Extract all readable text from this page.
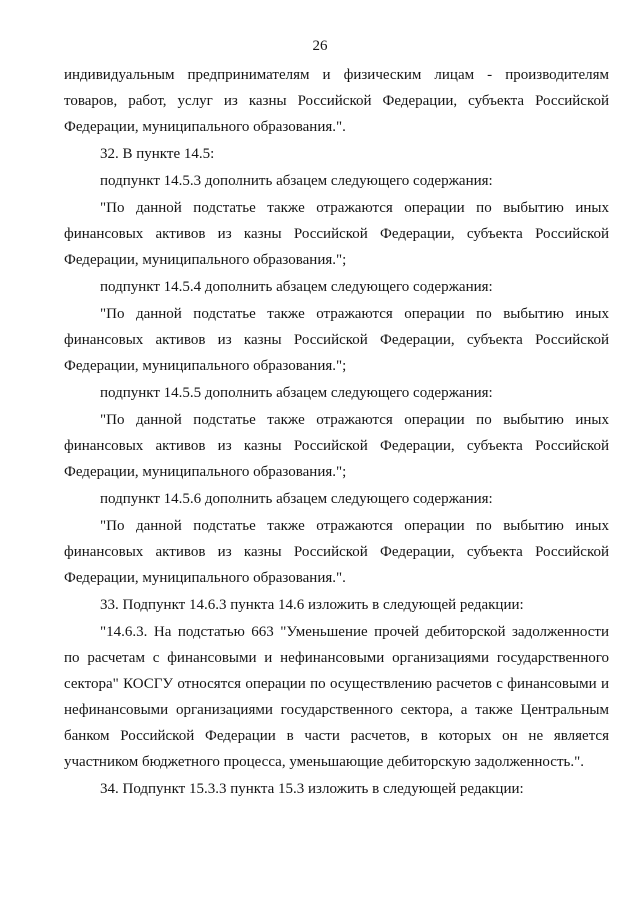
26

индивидуальным предпринимателям и физическим лицам - производителям товаров, работ, услуг из казны Российской Федерации, субъекта Российской Федерации, муниципального образования.".

32. В пункте 14.5:

подпункт 14.5.3 дополнить абзацем следующего содержания:

"По данной подстатье также отражаются операции по выбытию иных финансовых активов из казны Российской Федерации, субъекта Российской Федерации, муниципального образования.";

подпункт 14.5.4 дополнить абзацем следующего содержания:

"По данной подстатье также отражаются операции по выбытию иных финансовых активов из казны Российской Федерации, субъекта Российской Федерации, муниципального образования.";

подпункт 14.5.5 дополнить абзацем следующего содержания:

"По данной подстатье также отражаются операции по выбытию иных финансовых активов из казны Российской Федерации, субъекта Российской Федерации, муниципального образования.";

подпункт 14.5.6 дополнить абзацем следующего содержания:

"По данной подстатье также отражаются операции по выбытию иных финансовых активов из казны Российской Федерации, субъекта Российской Федерации, муниципального образования.".

33. Подпункт 14.6.3 пункта 14.6 изложить в следующей редакции:

"14.6.3. На подстатью 663 "Уменьшение прочей дебиторской задолженности по расчетам с финансовыми и нефинансовыми организациями государственного сектора" КОСГУ относятся операции по осуществлению расчетов с финансовыми и нефинансовыми организациями государственного сектора, а также Центральным банком Российской Федерации в части расчетов, в которых он не является участником бюджетного процесса, уменьшающие дебиторскую задолженность.".

34. Подпункт 15.3.3 пункта 15.3 изложить в следующей редакции:
